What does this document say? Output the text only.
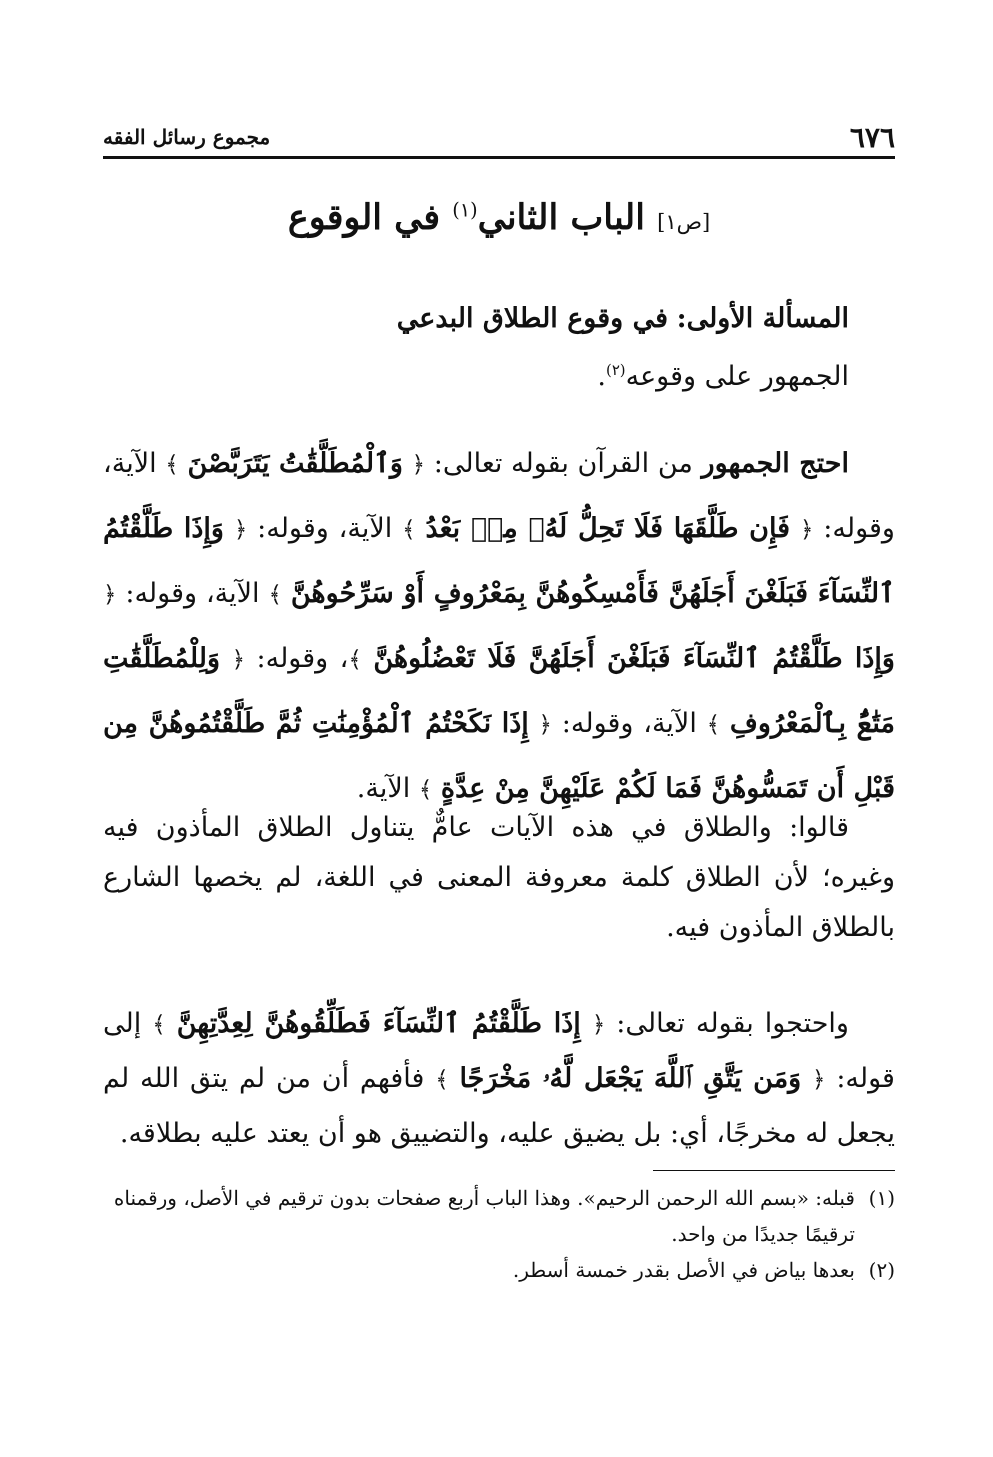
مجموع رسائل الفقه	٦٧٦
[ص١] الباب الثاني$^{(١)}$ في الوقوع
المسألة الأولى: في وقوع الطلاق البدعي
الجمهور على وقوعه$^{(٢)}$.
احتج الجمهور من القرآن بقوله تعالى: ﴿ وَٱلْمُطَلَّقَٰتُ يَتَرَبَّصْنَ ﴾ الآية، وقوله: ﴿ فَإِن طَلَّقَهَا فَلَا تَحِلُّ لَهُۥ مِنۢ بَعْدُ ﴾ الآية، وقوله: ﴿ وَإِذَا طَلَّقْتُمُ ٱلنِّسَآءَ فَبَلَغْنَ أَجَلَهُنَّ فَأَمْسِكُوهُنَّ بِمَعْرُوفٍ أَوْ سَرِّحُوهُنَّ ﴾ الآية، وقوله: ﴿ وَإِذَا طَلَّقْتُمُ ٱلنِّسَآءَ فَبَلَغْنَ أَجَلَهُنَّ فَلَا تَعْضُلُوهُنَّ ﴾، وقوله: ﴿ وَلِلْمُطَلَّقَٰتِ مَتَٰعٌۢ بِٱلْمَعْرُوفِ ﴾ الآية، وقوله: ﴿ إِذَا نَكَحْتُمُ ٱلْمُؤْمِنَٰتِ ثُمَّ طَلَّقْتُمُوهُنَّ مِن قَبْلِ أَن تَمَسُّوهُنَّ فَمَا لَكُمْ عَلَيْهِنَّ مِنْ عِدَّةٍ ﴾ الآية.
قالوا: والطلاق في هذه الآيات عامٌّ يتناول الطلاق المأذون فيه وغيره؛ لأن الطلاق كلمة معروفة المعنى في اللغة، لم يخصها الشارع بالطلاق المأذون فيه.
واحتجوا بقوله تعالى: ﴿ إِذَا طَلَّقْتُمُ ٱلنِّسَآءَ فَطَلِّقُوهُنَّ لِعِدَّتِهِنَّ ﴾ إلى قوله: ﴿ وَمَن يَتَّقِ ٱللَّهَ يَجْعَل لَّهُۥ مَخْرَجًا ﴾ فأفهم أن من لم يتق الله لم يجعل له مخرجًا، أي: بل يضيق عليه، والتضييق هو أن يعتد عليه بطلاقه.
(١)
قبله: «بسم الله الرحمن الرحيم». وهذا الباب أربع صفحات بدون ترقيم في الأصل، ورقمناه ترقيمًا جديدًا من واحد.
(٢)
بعدها بياض في الأصل بقدر خمسة أسطر.
